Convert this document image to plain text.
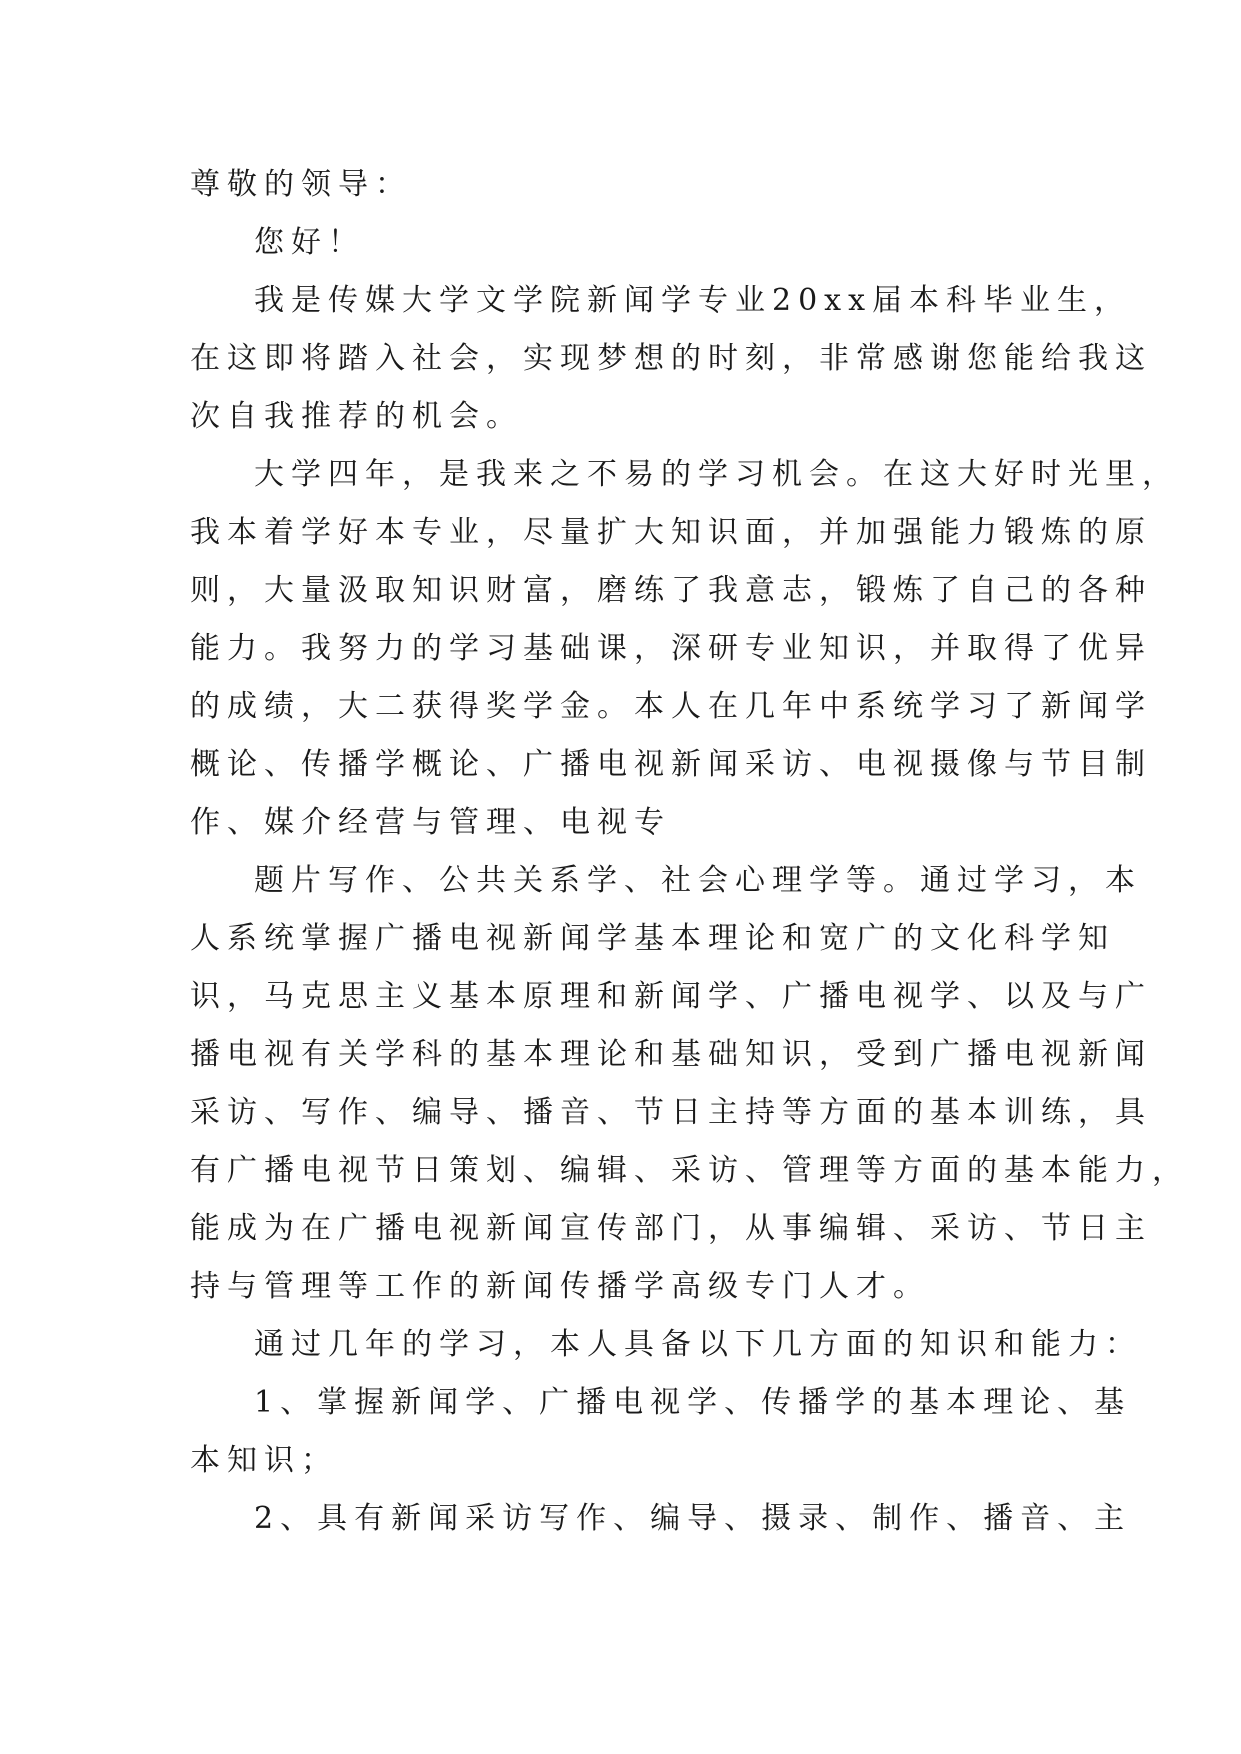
尊敬的领导：
您好！
我是传媒大学文学院新闻学专业20xx届本科毕业生，
在这即将踏入社会，实现梦想的时刻，非常感谢您能给我这
次自我推荐的机会。
大学四年，是我来之不易的学习机会。在这大好时光里，
我本着学好本专业，尽量扩大知识面，并加强能力锻炼的原
则，大量汲取知识财富，磨练了我意志，锻炼了自己的各种
能力。我努力的学习基础课，深研专业知识，并取得了优异
的成绩，大二获得奖学金。本人在几年中系统学习了新闻学
概论、传播学概论、广播电视新闻采访、电视摄像与节目制
作、媒介经营与管理、电视专
题片写作、公共关系学、社会心理学等。通过学习，本
人系统掌握广播电视新闻学基本理论和宽广的文化科学知
识，马克思主义基本原理和新闻学、广播电视学、以及与广
播电视有关学科的基本理论和基础知识，受到广播电视新闻
采访、写作、编导、播音、节日主持等方面的基本训练，具
有广播电视节日策划、编辑、采访、管理等方面的基本能力，
能成为在广播电视新闻宣传部门，从事编辑、采访、节日主
持与管理等工作的新闻传播学高级专门人才。
通过几年的学习，本人具备以下几方面的知识和能力：
1、掌握新闻学、广播电视学、传播学的基本理论、基
本知识；
2、具有新闻采访写作、编导、摄录、制作、播音、主
